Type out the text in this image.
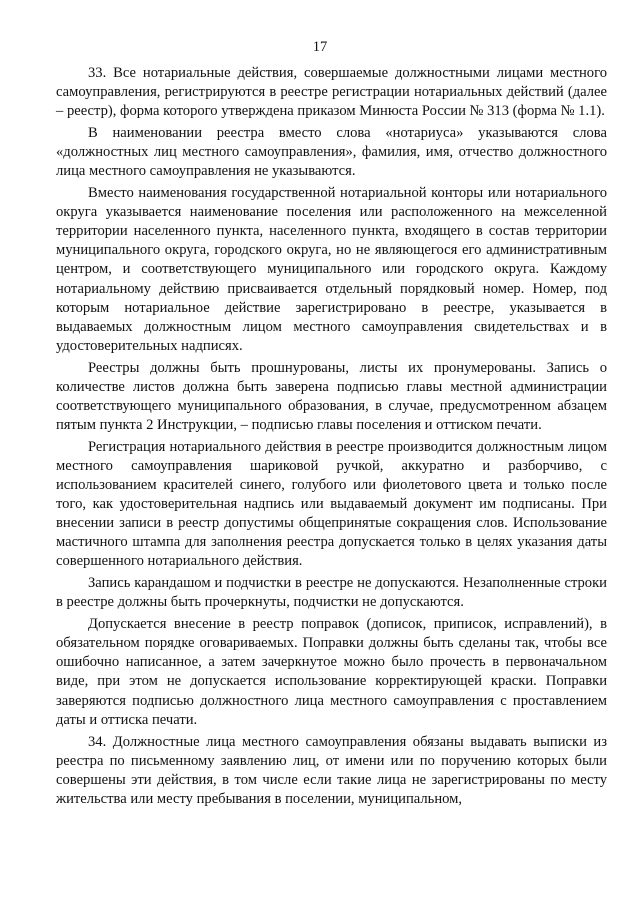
17

33. Все нотариальные действия, совершаемые должностными лицами местного самоуправления, регистрируются в реестре регистрации нотариальных действий (далее – реестр), форма которого утверждена приказом Минюста России № 313 (форма № 1.1).

В наименовании реестра вместо слова «нотариуса» указываются слова «должностных лиц местного самоуправления», фамилия, имя, отчество должностного лица местного самоуправления не указываются.

Вместо наименования государственной нотариальной конторы или нотариального округа указывается наименование поселения или расположенного на межселенной территории населенного пункта, населенного пункта, входящего в состав территории муниципального округа, городского округа, но не являющегося его административным центром, и соответствующего муниципального или городского округа. Каждому нотариальному действию присваивается отдельный порядковый номер. Номер, под которым нотариальное действие зарегистрировано в реестре, указывается в выдаваемых должностным лицом местного самоуправления свидетельствах и в удостоверительных надписях.

Реестры должны быть прошнурованы, листы их пронумерованы. Запись о количестве листов должна быть заверена подписью главы местной администрации соответствующего муниципального образования, в случае, предусмотренном абзацем пятым пункта 2 Инструкции, – подписью главы поселения и оттиском печати.

Регистрация нотариального действия в реестре производится должностным лицом местного самоуправления шариковой ручкой, аккуратно и разборчиво, с использованием красителей синего, голубого или фиолетового цвета и только после того, как удостоверительная надпись или выдаваемый документ им подписаны. При внесении записи в реестр допустимы общепринятые сокращения слов. Использование мастичного штампа для заполнения реестра допускается только в целях указания даты совершенного нотариального действия.

Запись карандашом и подчистки в реестре не допускаются. Незаполненные строки в реестре должны быть прочеркнуты, подчистки не допускаются.

Допускается внесение в реестр поправок (дописок, приписок, исправлений), в обязательном порядке оговариваемых. Поправки должны быть сделаны так, чтобы все ошибочно написанное, а затем зачеркнутое можно было прочесть в первоначальном виде, при этом не допускается использование корректирующей краски. Поправки заверяются подписью должностного лица местного самоуправления с проставлением даты и оттиска печати.

34. Должностные лица местного самоуправления обязаны выдавать выписки из реестра по письменному заявлению лиц, от имени или по поручению которых были совершены эти действия, в том числе если такие лица не зарегистрированы по месту жительства или месту пребывания в поселении, муниципальном,
